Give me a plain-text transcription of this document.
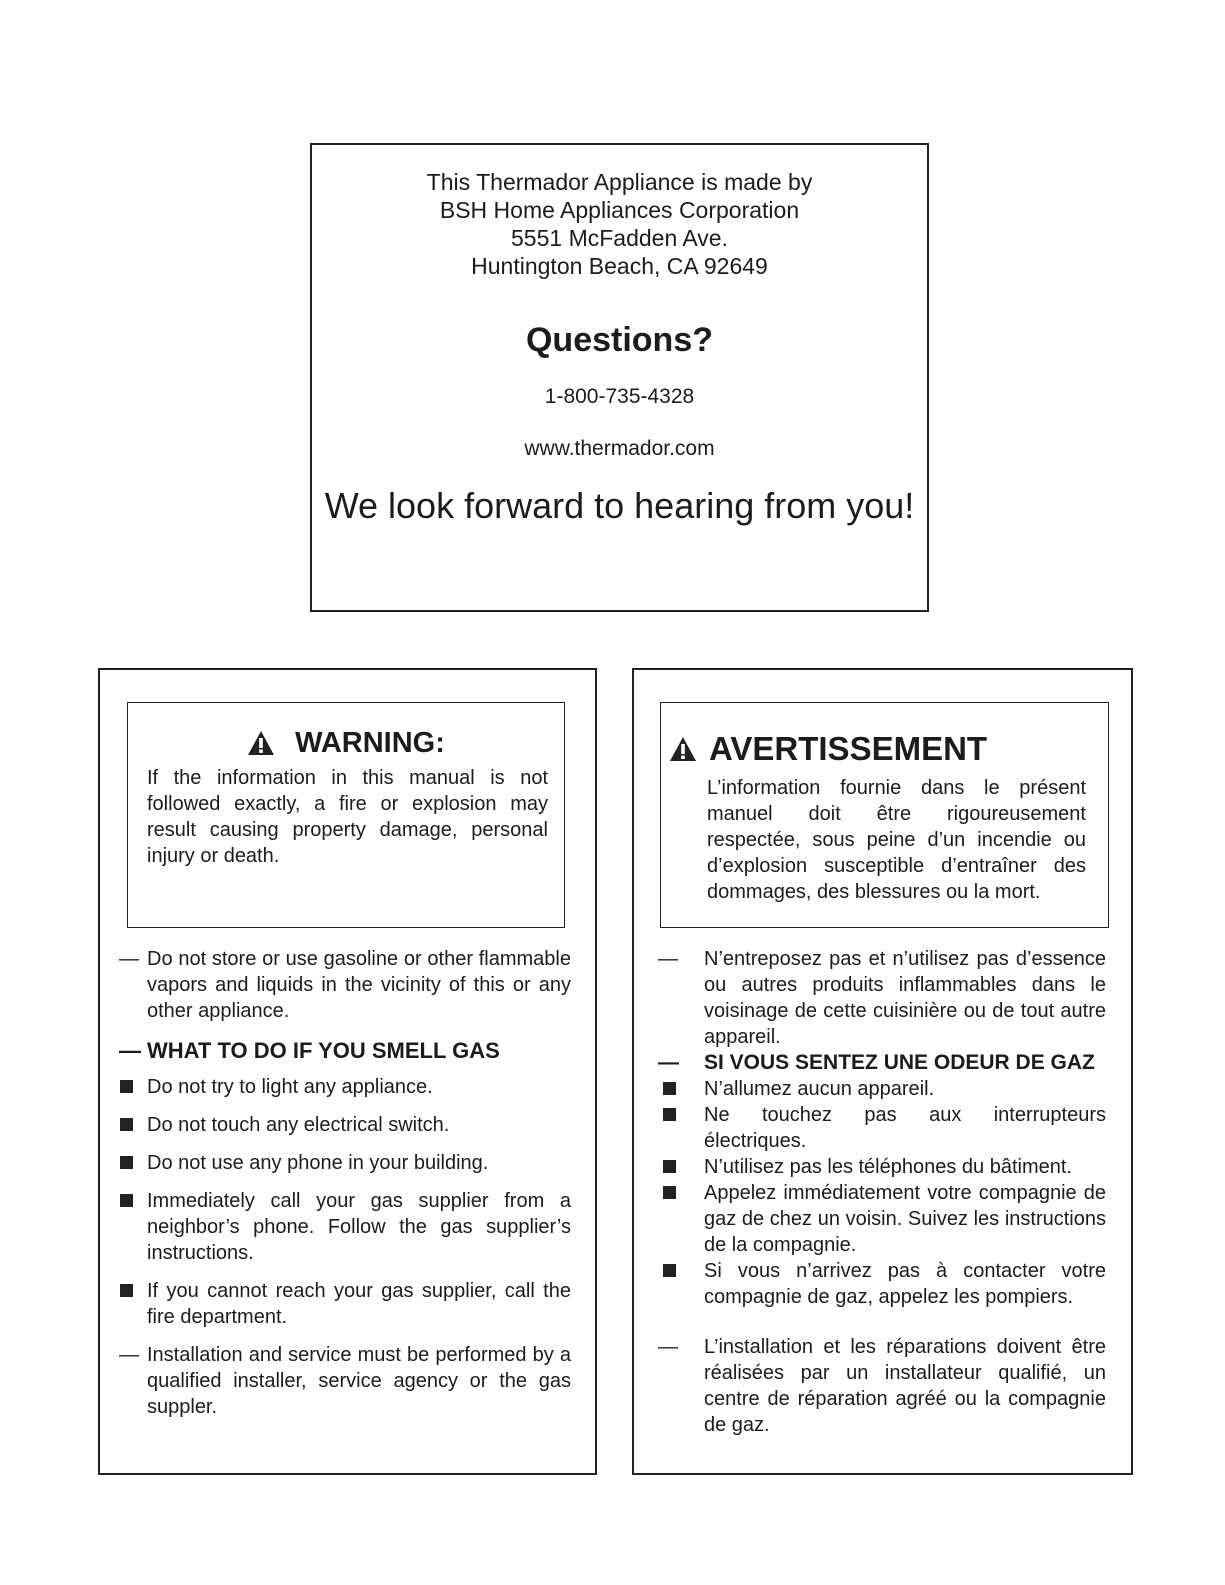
This Thermador Appliance is made by
BSH Home Appliances Corporation
5551 McFadden Ave.
Huntington Beach, CA 92649
Questions?
1-800-735-4328
www.thermador.com
We look forward to hearing from you!
WARNING:
If the information in this manual is not followed exactly, a fire or explosion may result causing property damage, personal injury or death.
— Do not store or use gasoline or other flammable vapors and liquids in the vicinity of this or any other appliance.
— WHAT TO DO IF YOU SMELL GAS
Do not try to light any appliance.
Do not touch any electrical switch.
Do not use any phone in your building.
Immediately call your gas supplier from a neighbor’s phone. Follow the gas supplier’s instructions.
If you cannot reach your gas supplier, call the fire department.
— Installation and service must be performed by a qualified installer, service agency or the gas suppler.
AVERTISSEMENT
L’information fournie dans le présent manuel doit être rigoureusement respectée, sous peine d’un incendie ou d’explosion susceptible d’entraîner des dommages, des blessures ou la mort.
—	N’entreposez pas et n’utilisez pas d’essence ou autres produits inflammables dans le voisinage de cette cuisinière ou de tout autre appareil.
—	SI VOUS SENTEZ UNE ODEUR DE GAZ
N’allumez aucun appareil.
Ne touchez pas aux interrupteurs électriques.
N’utilisez pas les téléphones du bâtiment.
Appelez immédiatement votre compagnie de gaz de chez un voisin. Suivez les instructions de la compagnie.
Si vous n’arrivez pas à contacter votre compagnie de gaz, appelez les pompiers.
—	L’installation et les réparations doivent être réalisées par un installateur qualifié, un centre de réparation agréé ou la compagnie de gaz.
